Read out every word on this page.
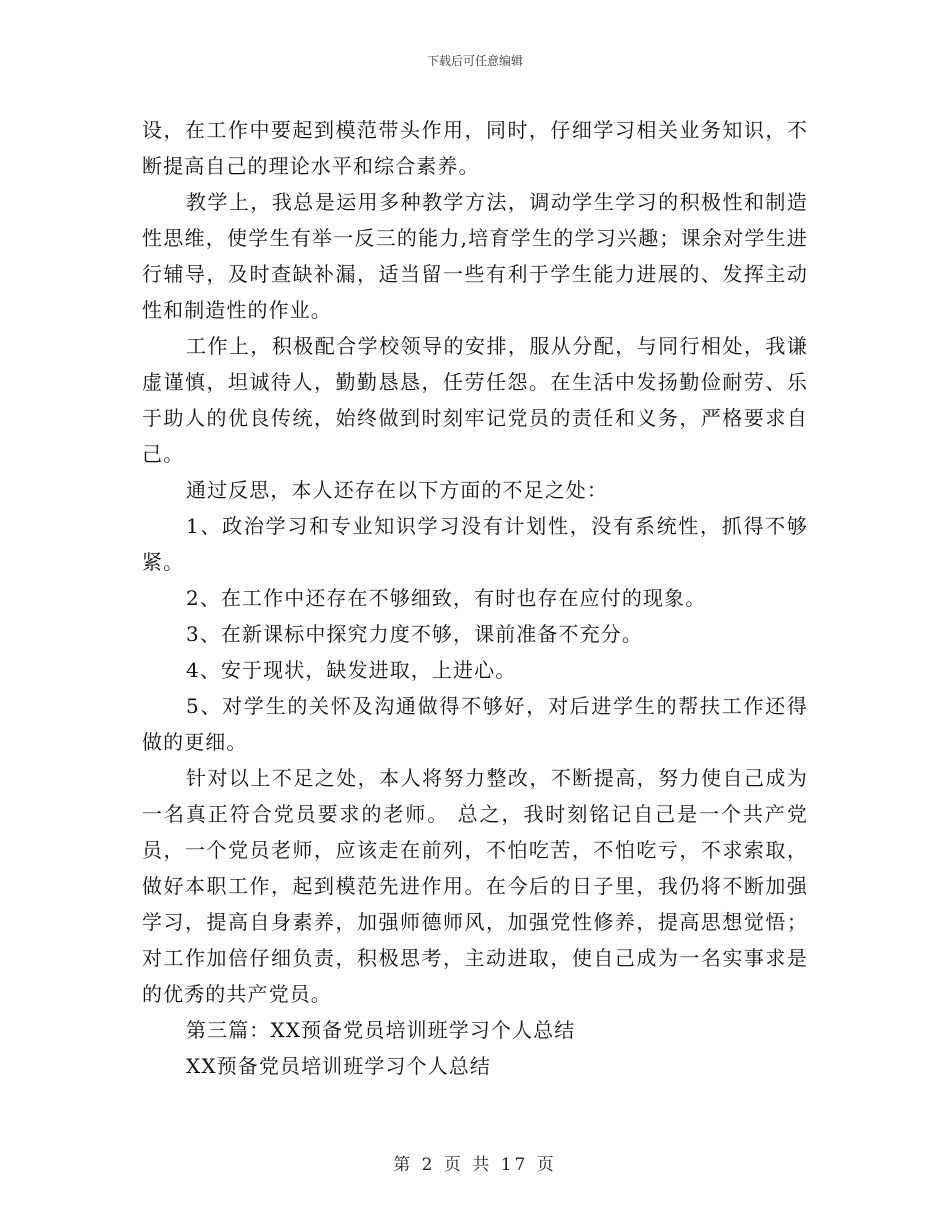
下载后可任意编辑

设，在工作中要起到模范带头作用，同时，仔细学习相关业务知识，不断提高自己的理论水平和综合素养。

教学上，我总是运用多种教学方法，调动学生学习的积极性和制造性思维，使学生有举一反三的能力,培育学生的学习兴趣；课余对学生进行辅导，及时查缺补漏，适当留一些有利于学生能力进展的、发挥主动性和制造性的作业。

工作上，积极配合学校领导的安排，服从分配，与同行相处，我谦虚谨慎，坦诚待人，勤勤恳恳，任劳任怨。在生活中发扬勤俭耐劳、乐于助人的优良传统，始终做到时刻牢记党员的责任和义务，严格要求自己。

通过反思，本人还存在以下方面的不足之处：

1、政治学习和专业知识学习没有计划性，没有系统性，抓得不够紧。

2、在工作中还存在不够细致，有时也存在应付的现象。

3、在新课标中探究力度不够，课前准备不充分。

4、安于现状，缺发进取，上进心。

5、对学生的关怀及沟通做得不够好，对后进学生的帮扶工作还得做的更细。

针对以上不足之处，本人将努力整改，不断提高，努力使自己成为一名真正符合党员要求的老师。 总之，我时刻铭记自己是一个共产党员，一个党员老师，应该走在前列，不怕吃苦，不怕吃亏，不求索取，做好本职工作，起到模范先进作用。在今后的日子里，我仍将不断加强学习，提高自身素养，加强师德师风，加强党性修养，提高思想觉悟；对工作加倍仔细负责，积极思考，主动进取，使自己成为一名实事求是的优秀的共产党员。

第三篇：XX预备党员培训班学习个人总结

XX预备党员培训班学习个人总结

第 2 页 共 17 页
